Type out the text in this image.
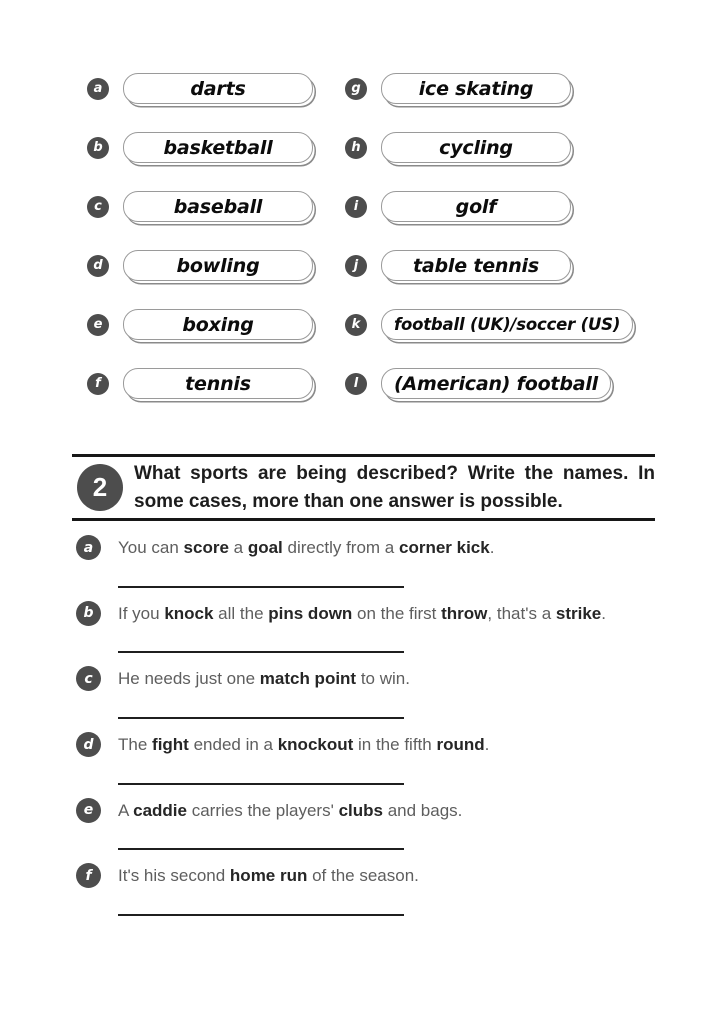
a	darts
b	basketball
c	baseball
d	bowling
e	boxing
f	tennis
g	ice skating
h	cycling
i	golf
j	table tennis
k	football (UK)/soccer (US)
l	(American) football
2	What sports are being described? Write the names. In some cases, more than one answer is possible.

a	You can score a goal directly from a corner kick.

b	If you knock all the pins down on the first throw, that's a strike.

c	He needs just one match point to win.

d	The fight ended in a knockout in the fifth round.

e	A caddie carries the players' clubs and bags.

f	It's his second home run of the season.
